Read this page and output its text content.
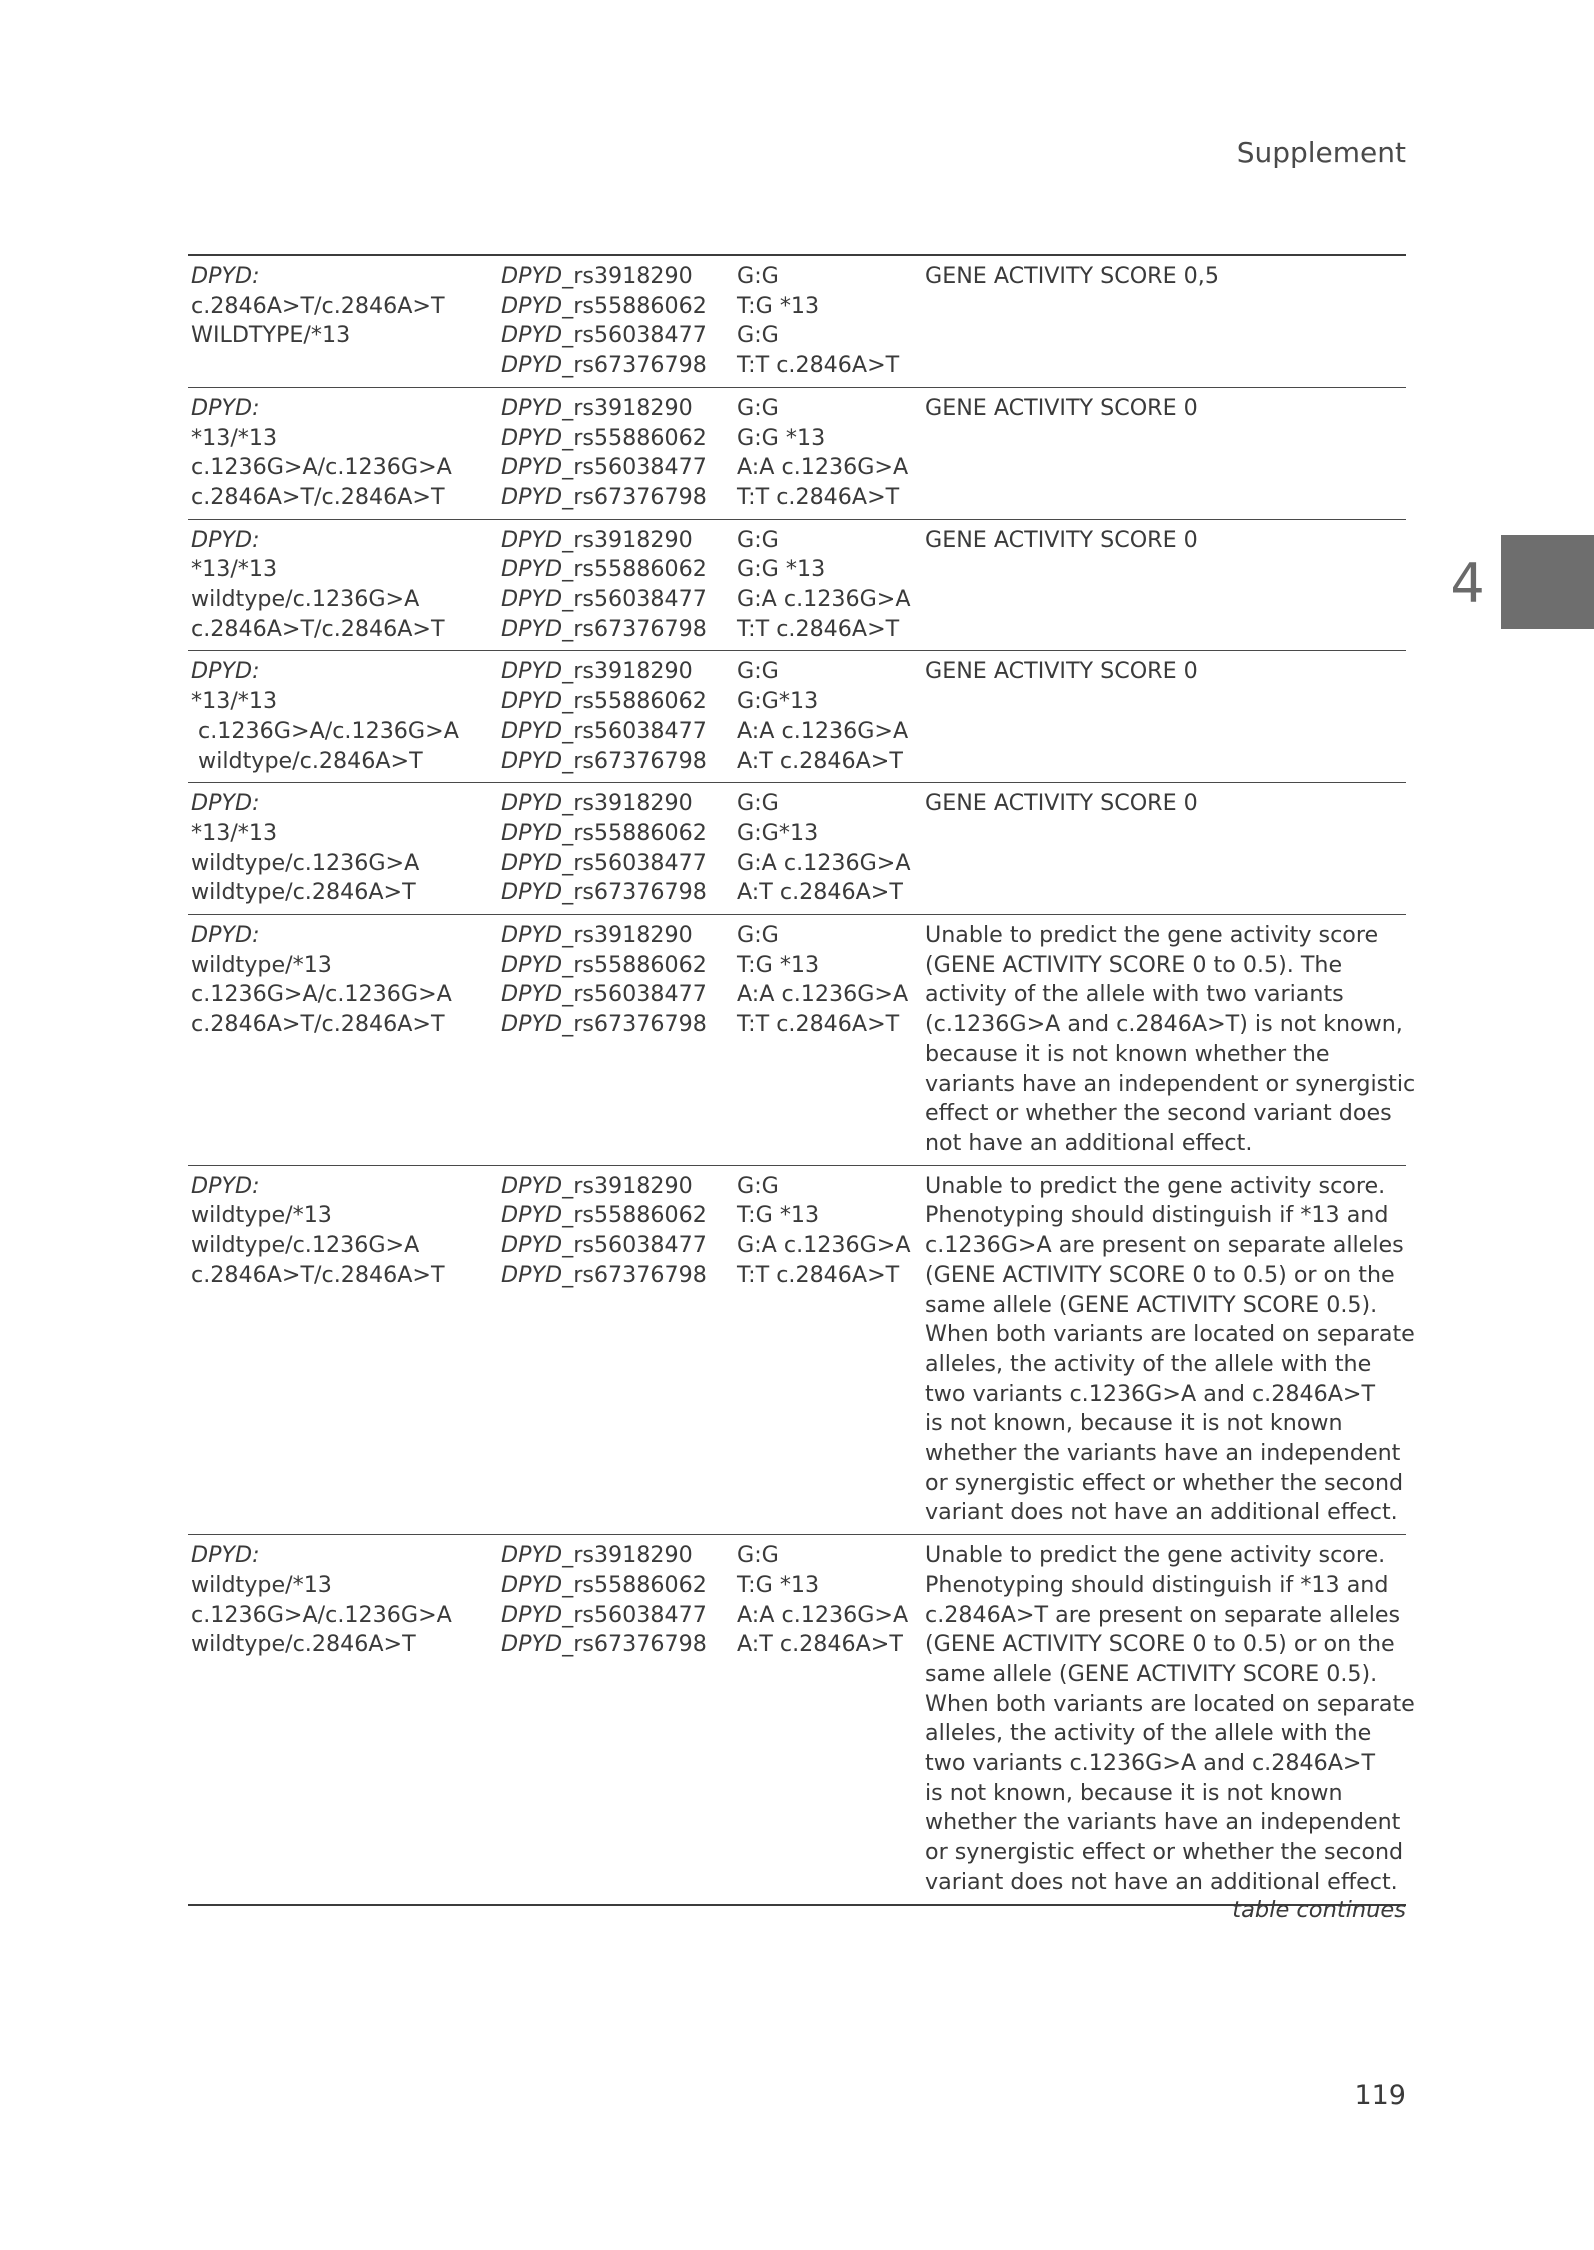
Supplement
4
DPYD:
c.2846A>T/c.2846A>T
WILDTYPE/*13
DPYD_rs3918290
DPYD_rs55886062
DPYD_rs56038477
DPYD_rs67376798
G:G
T:G *13
G:G
T:T c.2846A>T
GENE ACTIVITY SCORE 0,5
DPYD:
*13/*13
c.1236G>A/c.1236G>A
c.2846A>T/c.2846A>T
DPYD_rs3918290
DPYD_rs55886062
DPYD_rs56038477
DPYD_rs67376798
G:G
G:G *13
A:A c.1236G>A
T:T c.2846A>T
GENE ACTIVITY SCORE 0
DPYD:
*13/*13
wildtype/c.1236G>A
c.2846A>T/c.2846A>T
DPYD_rs3918290
DPYD_rs55886062
DPYD_rs56038477
DPYD_rs67376798
G:G
G:G *13
G:A c.1236G>A
T:T c.2846A>T
GENE ACTIVITY SCORE 0
DPYD:
*13/*13
c.1236G>A/c.1236G>A
wildtype/c.2846A>T
DPYD_rs3918290
DPYD_rs55886062
DPYD_rs56038477
DPYD_rs67376798
G:G
G:G*13
A:A c.1236G>A
A:T c.2846A>T
GENE ACTIVITY SCORE 0
DPYD:
*13/*13
wildtype/c.1236G>A
wildtype/c.2846A>T
DPYD_rs3918290
DPYD_rs55886062
DPYD_rs56038477
DPYD_rs67376798
G:G
G:G*13
G:A c.1236G>A
A:T c.2846A>T
GENE ACTIVITY SCORE 0
DPYD:
wildtype/*13
c.1236G>A/c.1236G>A
c.2846A>T/c.2846A>T
DPYD_rs3918290
DPYD_rs55886062
DPYD_rs56038477
DPYD_rs67376798
G:G
T:G *13
A:A c.1236G>A
T:T c.2846A>T
Unable to predict the gene activity score
(GENE ACTIVITY SCORE 0 to 0.5). The
activity of the allele with two variants
(c.1236G>A and c.2846A>T) is not known,
because it is not known whether the
variants have an independent or synergistic
effect or whether the second variant does
not have an additional effect.
DPYD:
wildtype/*13
wildtype/c.1236G>A
c.2846A>T/c.2846A>T
DPYD_rs3918290
DPYD_rs55886062
DPYD_rs56038477
DPYD_rs67376798
G:G
T:G *13
G:A c.1236G>A
T:T c.2846A>T
Unable to predict the gene activity score.
Phenotyping should distinguish if *13 and
c.1236G>A are present on separate alleles
(GENE ACTIVITY SCORE 0 to 0.5) or on the
same allele (GENE ACTIVITY SCORE 0.5).
When both variants are located on separate
alleles, the activity of the allele with the
two variants c.1236G>A and c.2846A>T
is not known, because it is not known
whether the variants have an independent
or synergistic effect or whether the second
variant does not have an additional effect.
DPYD:
wildtype/*13
c.1236G>A/c.1236G>A
wildtype/c.2846A>T
DPYD_rs3918290
DPYD_rs55886062
DPYD_rs56038477
DPYD_rs67376798
G:G
T:G *13
A:A c.1236G>A
A:T c.2846A>T
Unable to predict the gene activity score.
Phenotyping should distinguish if *13 and
c.2846A>T are present on separate alleles
(GENE ACTIVITY SCORE 0 to 0.5) or on the
same allele (GENE ACTIVITY SCORE 0.5).
When both variants are located on separate
alleles, the activity of the allele with the
two variants c.1236G>A and c.2846A>T
is not known, because it is not known
whether the variants have an independent
or synergistic effect or whether the second
variant does not have an additional effect.
table continues
119
